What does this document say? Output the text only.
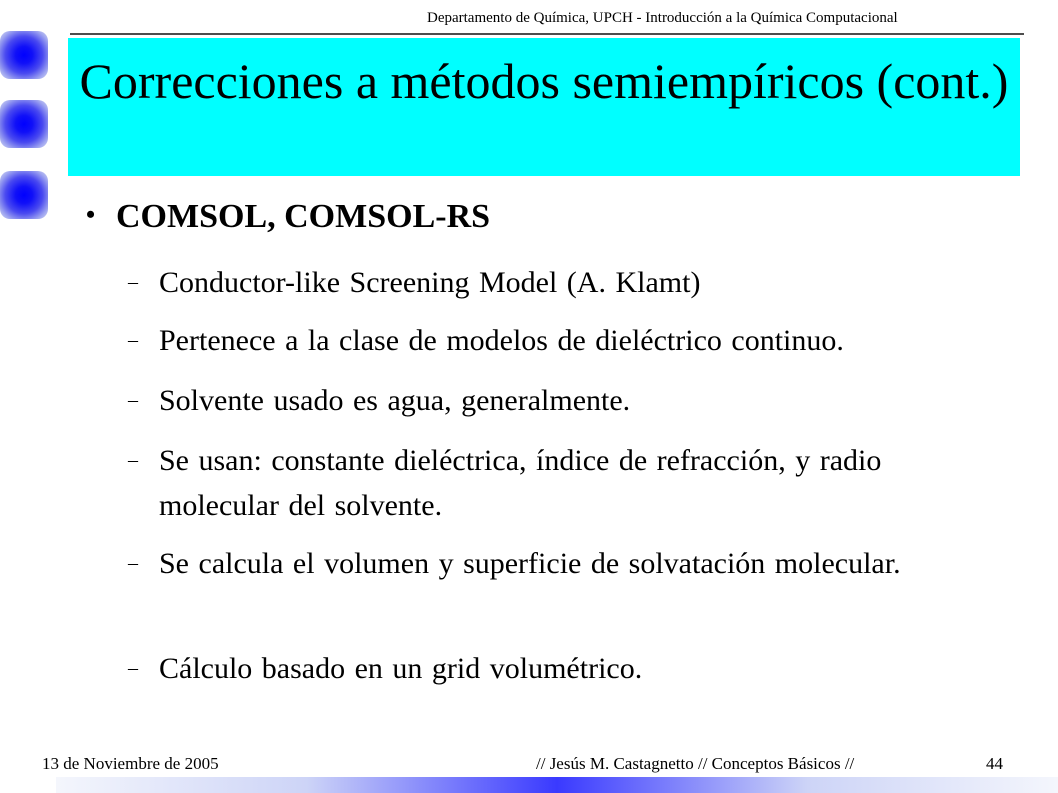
Departamento de Química, UPCH - Introducción a la Química Computacional
Correcciones a métodos semiempíricos (cont.)
• COMSOL, COMSOL-RS
– Conductor-like Screening Model (A. Klamt)
– Pertenece a la clase de modelos de dieléctrico continuo.
– Solvente usado es agua, generalmente.
– Se usan: constante dieléctrica, índice de refracción, y radio molecular del solvente.
– Se calcula el volumen y superficie de solvatación molecular.
– Cálculo basado en un grid volumétrico.
13 de Noviembre de 2005	// Jesús M. Castagnetto // Conceptos Básicos //	44
